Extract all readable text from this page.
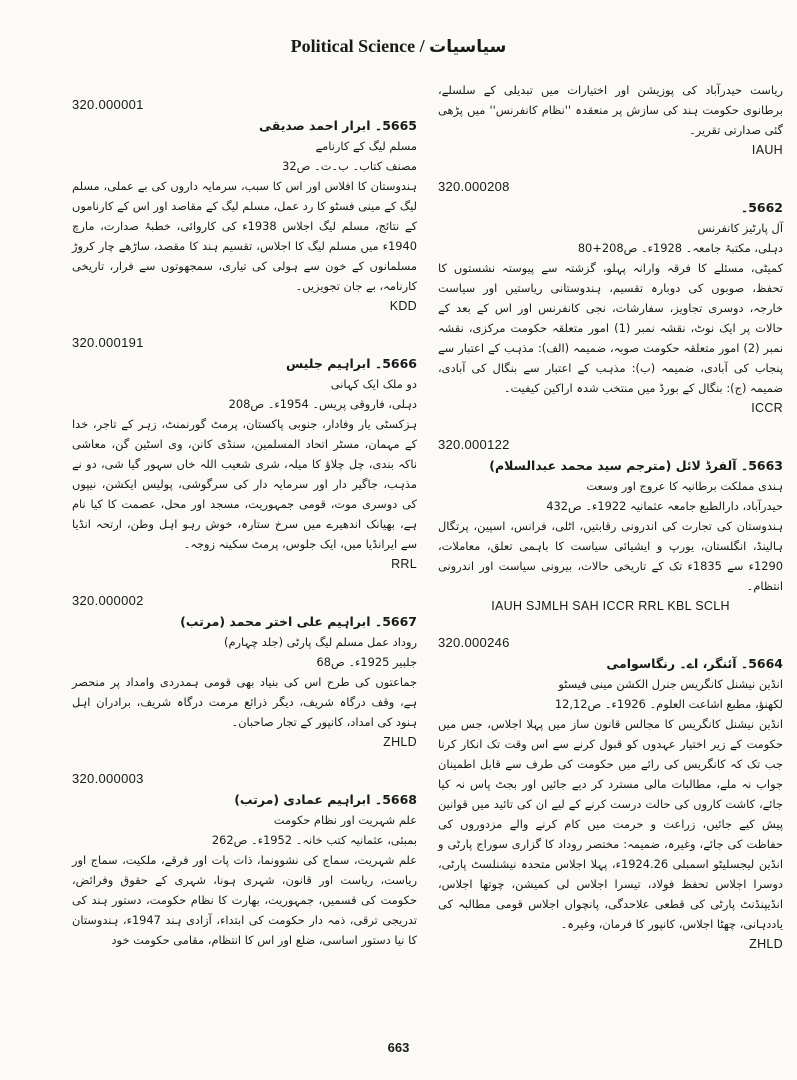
Political Science / سیاسیات
320.000001
5665۔ ابرار احمد صدیقی
مسلم لیگ کے کارنامے
مصنف کتاب۔ ب۔ت۔ ص32
ہندوستان کا افلاس اور اس کا سبب، سرمایہ داروں کی بے عملی، مسلم لیگ کے مینی فسٹو کا رد عمل، مسلم لیگ کے مقاصد اور اس کے کارناموں کے نتائج، مسلم لیگ اجلاس 1938ء کی کاروائی، خطبۂ صدارت، مارچ 1940ء میں مسلم لیگ کا اجلاس، تقسیم ہند کا مقصد، ساڑھے چار کروڑ مسلمانوں کے خون سے ہولی کی تیاری، سمجھوتوں سے فرار، تاریخی کارنامہ، بے جان تجویزیں۔
KDD
320.000191
5666۔ ابراہیم جلیس
دو ملک ایک کہانی
دہلی، فاروقی پریس۔ 1954ء۔ ص208
ہزکسٹی یار وفادار، جنوبی پاکستان، پرمٹ گورنمنٹ، زہر کے تاجر، خدا کے مہمان، مسٹر اتحاد المسلمین، سنڈی کانن، وی اسٹین گن، معاشی ناکہ بندی، چل چلاؤ کا میلہ، شری شعیب اللہ خاں سہور گیا شی، دو نے مذہب، جاگیر دار اور سرمایہ دار کی سرگوشی، پولیس ایکشن، نیپوں کی دوسری موت، قومی جمہوریت، مسجد اور محل، عصمت کا کیا نام ہے، بھیانک اندھیرے میں سرخ ستارہ، خوش رہو اہل وطن، ارتحہ انڈیا سے ایرانڈیا میں، ایک جلوس، پرمٹ سکینہ زوجہ۔
RRL
320.000002
5667۔ ابراہیم علی اختر محمد (مرتب)
روداد عمل مسلم لیگ پارٹی (جلد چہارم)
جلبیر 1925ء۔ ص68
جماعتوں کی طرح اس کی بنیاد بھی قومی ہمدردی وامداد پر منحصر ہے، وقف درگاہ شریف، دیگر ذرائع مرمت درگاہ شریف، برادران اہل ہنود کی امداد، کانپور کے تجار صاحبان۔
ZHLD
320.000003
5668۔ ابراہیم عمادی (مرتب)
علم شہریت اور نظام حکومت
بمبئی، عثمانیہ کتب خانہ۔ 1952ء۔ ص262
علم شہریت، سماج کی نشوونما، ذات پات اور فرقے، ملکیت، سماج اور ریاست، ریاست اور قانون، شہری ہونا، شہری کے حقوق وفرائض، حکومت کی قسمیں، جمہوریت، بھارت کا نظام حکومت، دستور ہند کی تدریجی ترقی، ذمہ دار حکومت کی ابتداء، آزادی ہند 1947ء، ہندوستان کا نیا دستور اساسی، ضلع اور اس کا انتظام، مقامی حکومت خود
ریاست حیدرآباد کی پوزیشن اور اختیارات میں تبدیلی کے سلسلے، برطانوی حکومت ہند کی سازش پر منعقدہ ''نظام کانفرنس'' میں پڑھی گئی صدارتی تقریر۔
IAUH
320.000208
5662۔
آل پارٹیز کانفرنس
دہلی، مکتبۂ جامعہ۔ 1928ء۔ ص208+80
کمیٹی، مسئلے کا فرقہ وارانہ پہلو، گزشتہ سے پیوستہ نشستوں کا تحفظ، صوبوں کی دوبارہ تقسیم، ہندوستانی ریاستیں اور سیاست خارجہ، دوسری تجاویز، سفارشات، نجی کانفرنس اور اس کے بعد کے حالات پر ایک نوٹ، نقشہ نمبر (1) امور متعلقہ حکومت مرکزی، نقشہ نمبر (2) امور متعلقہ حکومت صوبہ، ضمیمہ (الف): مذہب کے اعتبار سے پنجاب کی آبادی، ضمیمہ (ب): مذہب کے اعتبار سے بنگال کی آبادی، ضمیمہ (ج): بنگال کے بورڈ میں منتخب شدہ اراکین کیفیت۔
ICCR
320.000122
5663۔ آلفرڈ لائل (مترجم سید محمد عبدالسلام)
ہندی مملکت برطانیہ کا عروج اور وسعت
حیدرآباد، دارالطبع جامعہ عثمانیہ 1922ء۔ ص432
ہندوستان کی تجارت کی اندرونی رقابتیں، اٹلی، فرانس، اسپین، پرتگال ہالینڈ، انگلستان، یورپ و ایشیائی سیاست کا باہمی تعلق، معاملات، 1290ء سے 1835ء تک کے تاریخی حالات، بیرونی سیاست اور اندرونی انتظام۔
IAUH SJMLH SAH ICCR RRL KBL SCLH
320.000246
5664۔ آئنگر، اے۔ رنگاسوامی
انڈین نیشنل کانگریس جنرل الکشن مینی فیسٹو
لکھنؤ، مطبع اشاعت العلوم۔ 1926ء۔ ص12,12
انڈین نیشنل کانگریس کا مجالس قانون ساز میں پہلا اجلاس، جس میں حکومت کے زیر اختیار عہدوں کو قبول کرنے سے اس وقت تک انکار کرنا جب تک کہ کانگریس کی رائے میں حکومت کی طرف سے قابل اطمینان جواب نہ ملے، مطالبات مالی مسترد کر دیے جائیں اور بجٹ پاس نہ کیا جائے، کاشت کاروں کی حالت درست کرنے کے لیے ان کی تائید میں قوانین پیش کیے جائیں، زراعت و حرمت میں کام کرنے والے مزدوروں کی حفاظت کی جائے، وغیرہ، ضمیمہ: مختصر روداد کا گزاری سوراج پارٹی و انڈین لیجسلیٹو اسمبلی 1924.26ء، پہلا اجلاس متحدہ نیشنلسٹ پارٹی، دوسرا اجلاس تحفظ فولاد، تیسرا اجلاس لی کمیشن، چوتھا اجلاس، انڈیپنڈنٹ پارٹی کی قطعی علاحدگی، پانچواں اجلاس قومی مطالبہ کی یاددہانی، چھٹا اجلاس، کانپور کا فرمان، وغیرہ۔
ZHLD
663
